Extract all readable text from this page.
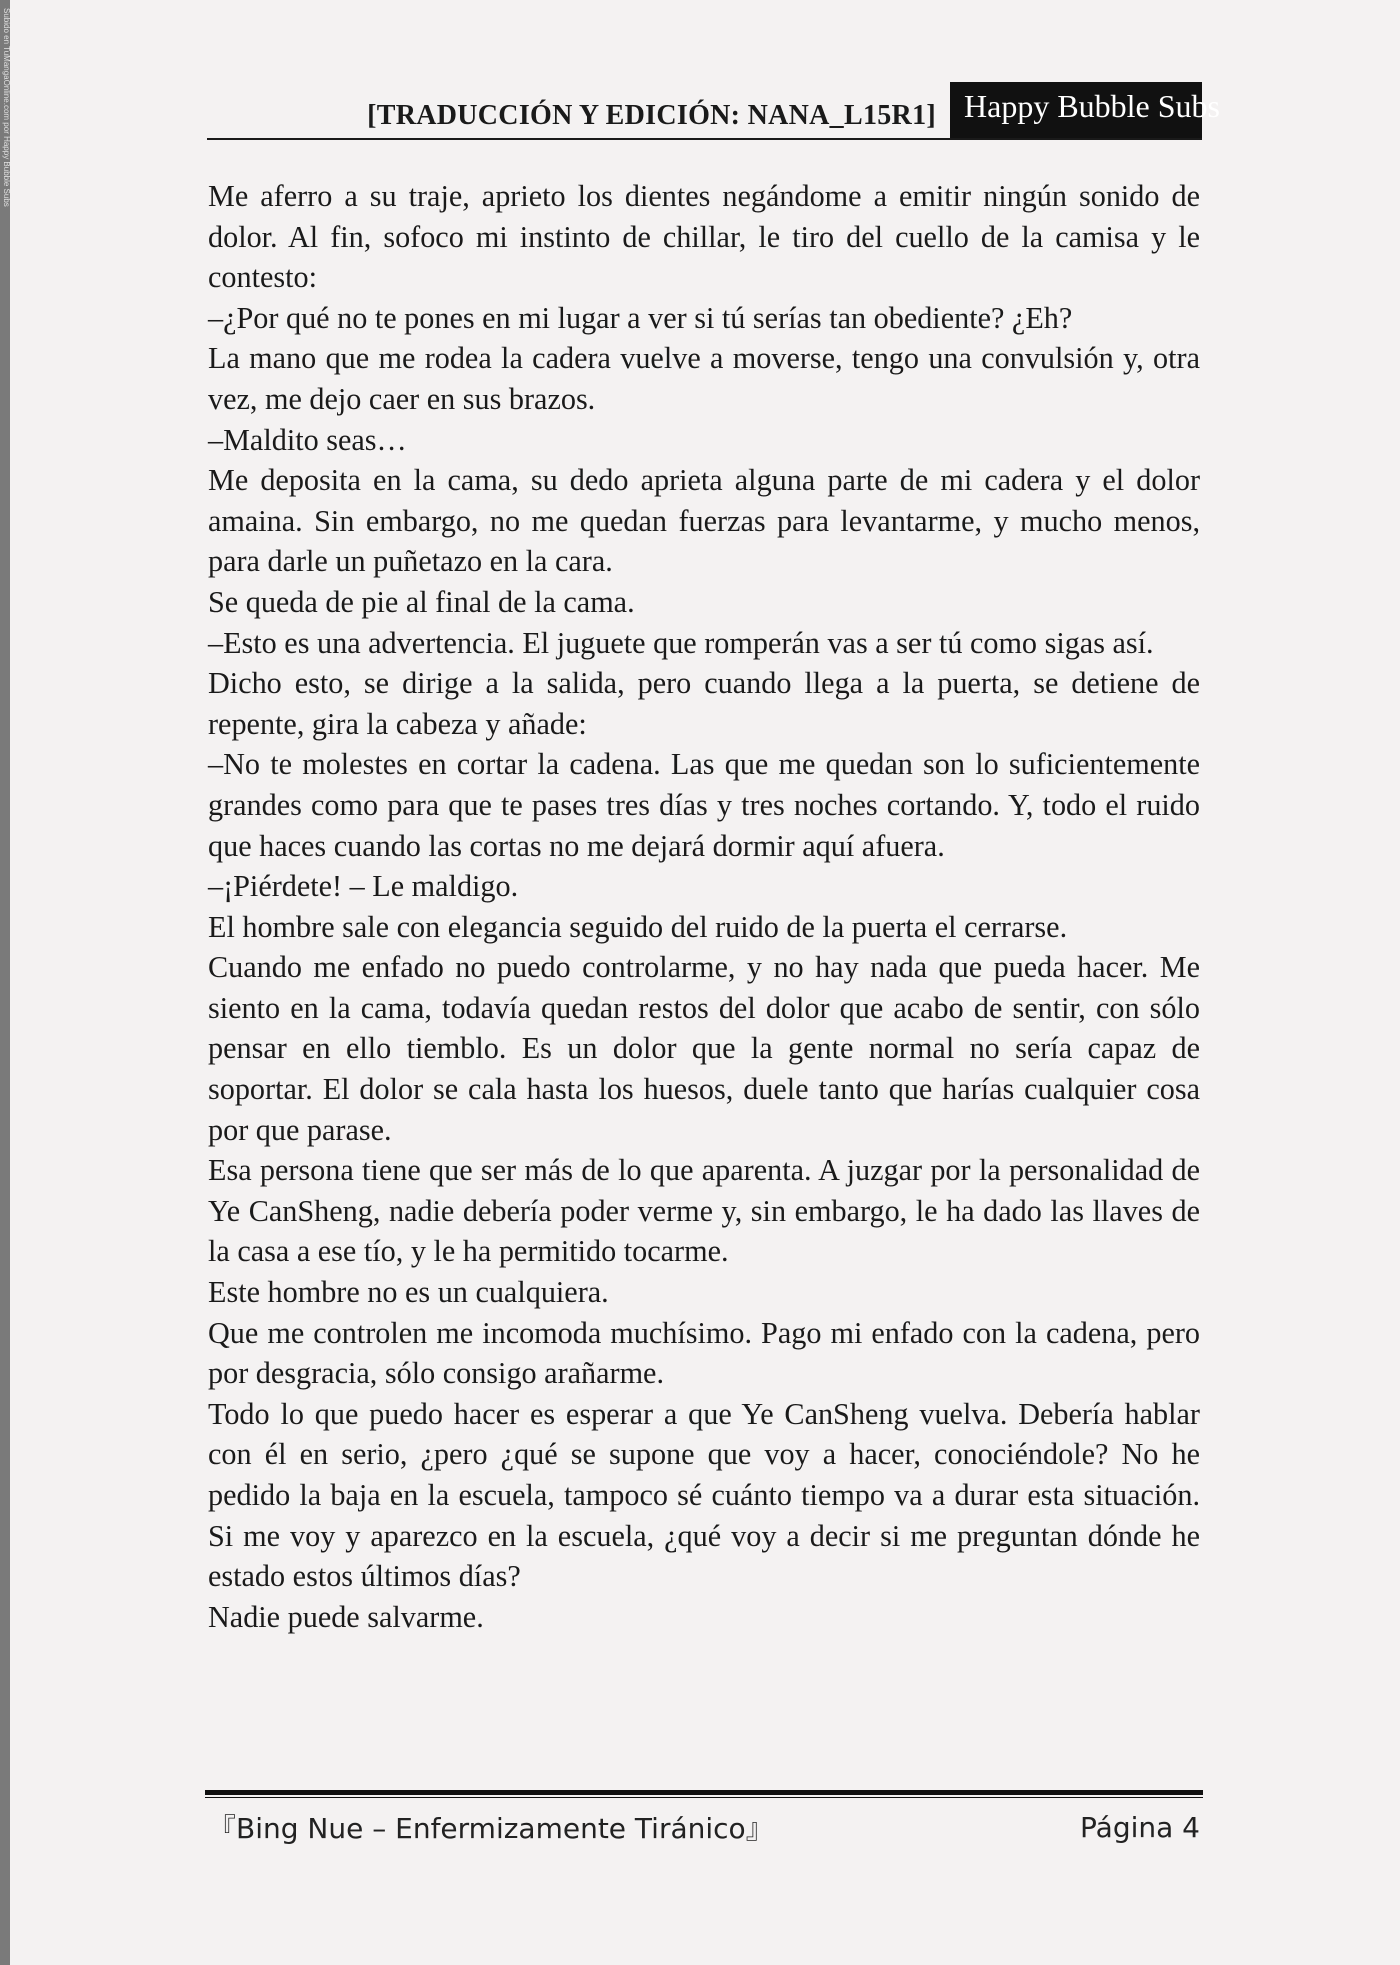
Subido en TuMangaOnline.com por Happy Bubble Subs	[TRADUCCIÓN Y EDICIÓN: NANA_L15R1] Happy Bubble Subs

Me aferro a su traje, aprieto los dientes negándome a emitir ningún sonido de dolor. Al fin, sofoco mi instinto de chillar, le tiro del cuello de la camisa y le contesto:

–¿Por qué no te pones en mi lugar a ver si tú serías tan obediente? ¿Eh?

La mano que me rodea la cadera vuelve a moverse, tengo una convulsión y, otra vez, me dejo caer en sus brazos.

–Maldito seas…

Me deposita en la cama, su dedo aprieta alguna parte de mi cadera y el dolor amaina. Sin embargo, no me quedan fuerzas para levantarme, y mucho menos, para darle un puñetazo en la cara.

Se queda de pie al final de la cama.

–Esto es una advertencia. El juguete que romperán vas a ser tú como sigas así.

Dicho esto, se dirige a la salida, pero cuando llega a la puerta, se detiene de repente, gira la cabeza y añade:

–No te molestes en cortar la cadena. Las que me quedan son lo suficientemente grandes como para que te pases tres días y tres noches cortando. Y, todo el ruido que haces cuando las cortas no me dejará dormir aquí afuera.

–¡Piérdete! – Le maldigo.

El hombre sale con elegancia seguido del ruido de la puerta el cerrarse.

Cuando me enfado no puedo controlarme, y no hay nada que pueda hacer. Me siento en la cama, todavía quedan restos del dolor que acabo de sentir, con sólo pensar en ello tiemblo. Es un dolor que la gente normal no sería capaz de soportar. El dolor se cala hasta los huesos, duele tanto que harías cualquier cosa por que parase.

Esa persona tiene que ser más de lo que aparenta. A juzgar por la personalidad de Ye CanSheng, nadie debería poder verme y, sin embargo, le ha dado las llaves de la casa a ese tío, y le ha permitido tocarme.

Este hombre no es un cualquiera.

Que me controlen me incomoda muchísimo. Pago mi enfado con la cadena, pero por desgracia, sólo consigo arañarme.

Todo lo que puedo hacer es esperar a que Ye CanSheng vuelva. Debería hablar con él en serio, ¿pero ¿qué se supone que voy a hacer, conociéndole? No he pedido la baja en la escuela, tampoco sé cuánto tiempo va a durar esta situación. Si me voy y aparezco en la escuela, ¿qué voy a decir si me preguntan dónde he estado estos últimos días?

Nadie puede salvarme.

『Bing Nue – Enfermizamente Tiránico』	Página 4
